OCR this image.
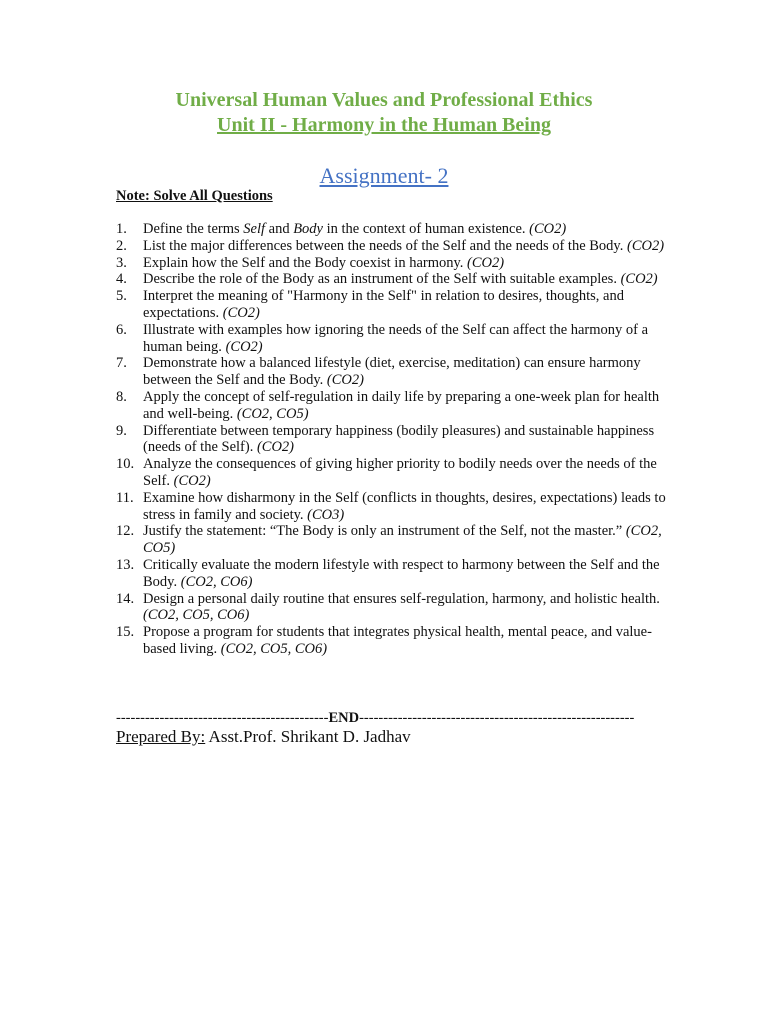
Universal Human Values and Professional Ethics
Unit II - Harmony in the Human Being
Assignment- 2
Note: Solve All Questions
1. Define the terms Self and Body in the context of human existence. (CO2)
2. List the major differences between the needs of the Self and the needs of the Body. (CO2)
3. Explain how the Self and the Body coexist in harmony. (CO2)
4. Describe the role of the Body as an instrument of the Self with suitable examples. (CO2)
5. Interpret the meaning of "Harmony in the Self" in relation to desires, thoughts, and expectations. (CO2)
6. Illustrate with examples how ignoring the needs of the Self can affect the harmony of a human being. (CO2)
7. Demonstrate how a balanced lifestyle (diet, exercise, meditation) can ensure harmony between the Self and the Body. (CO2)
8. Apply the concept of self-regulation in daily life by preparing a one-week plan for health and well-being. (CO2, CO5)
9. Differentiate between temporary happiness (bodily pleasures) and sustainable happiness (needs of the Self). (CO2)
10. Analyze the consequences of giving higher priority to bodily needs over the needs of the Self. (CO2)
11. Examine how disharmony in the Self (conflicts in thoughts, desires, expectations) leads to stress in family and society. (CO3)
12. Justify the statement: “The Body is only an instrument of the Self, not the master.” (CO2, CO5)
13. Critically evaluate the modern lifestyle with respect to harmony between the Self and the Body. (CO2, CO6)
14. Design a personal daily routine that ensures self-regulation, harmony, and holistic health. (CO2, CO5, CO6)
15. Propose a program for students that integrates physical health, mental peace, and value-based living. (CO2, CO5, CO6)
--------------------------------------------END---------------------------------------------------------
Prepared By: Asst.Prof. Shrikant D. Jadhav
